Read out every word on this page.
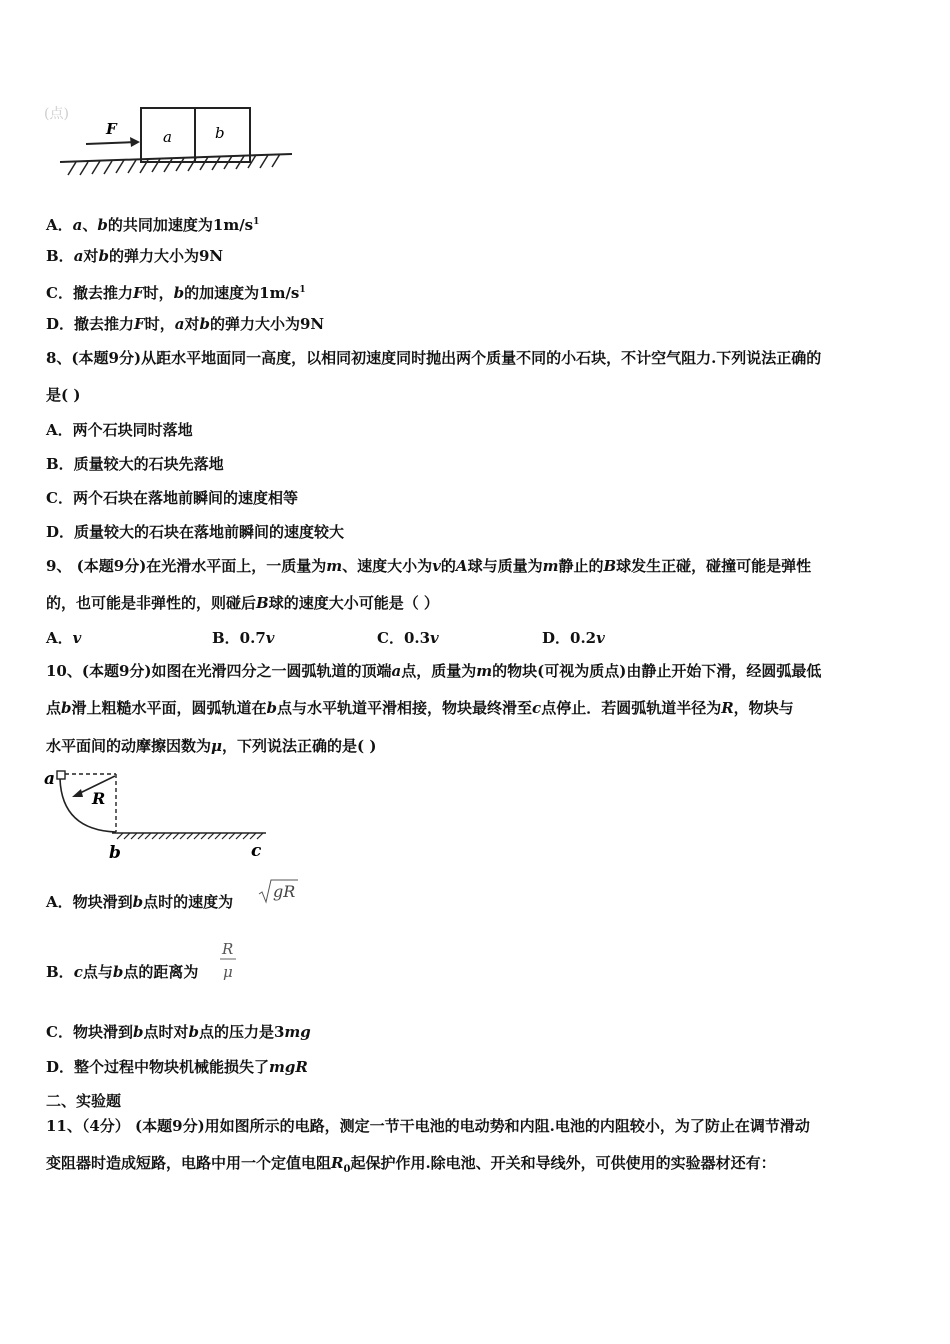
(点)
F	a	b
A．a、b的共同加速度为$1m/s^1$
B．a对b的弹力大小为9N
C．撤去推力F时，b的加速度为$1m/s^1$
D．撤去推力F时，a对b的弹力大小为9N
8、(本题9分)从距水平地面同一高度，以相同初速度同时抛出两个质量不同的小石块，不计空气阻力.下列说法正确的
是( )
A．两个石块同时落地
B．质量较大的石块先落地
C．两个石块在落地前瞬间的速度相等
D．质量较大的石块在落地前瞬间的速度较大
9、 (本题9分)在光滑水平面上，一质量为m、速度大小为v的A球与质量为m静止的B球发生正碰，碰撞可能是弹性
的，也可能是非弹性的，则碰后B球的速度大小可能是（ ）
A．v	B．0.7v	C．0.3v	D．0.2v
10、(本题9分)如图在光滑四分之一圆弧轨道的顶端a点，质量为m的物块(可视为质点)由静止开始下滑，经圆弧最低
点b滑上粗糙水平面，圆弧轨道在b点与水平轨道平滑相接，物块最终滑至c点停止．若圆弧轨道半径为R，物块与
水平面间的动摩擦因数为μ，下列说法正确的是( )
a
R
b	c
A．物块滑到b点时的速度为
gR
B．c点与b点的距离为
R
μ
C．物块滑到b点时对b点的压力是3mg
D．整个过程中物块机械能损失了mgR
二、实验题
11、（4分） (本题9分)用如图所示的电路，测定一节干电池的电动势和内阻.电池的内阻较小，为了防止在调节滑动
变阻器时造成短路，电路中用一个定值电阻$R_0$起保护作用.除电池、开关和导线外，可供使用的实验器材还有：
